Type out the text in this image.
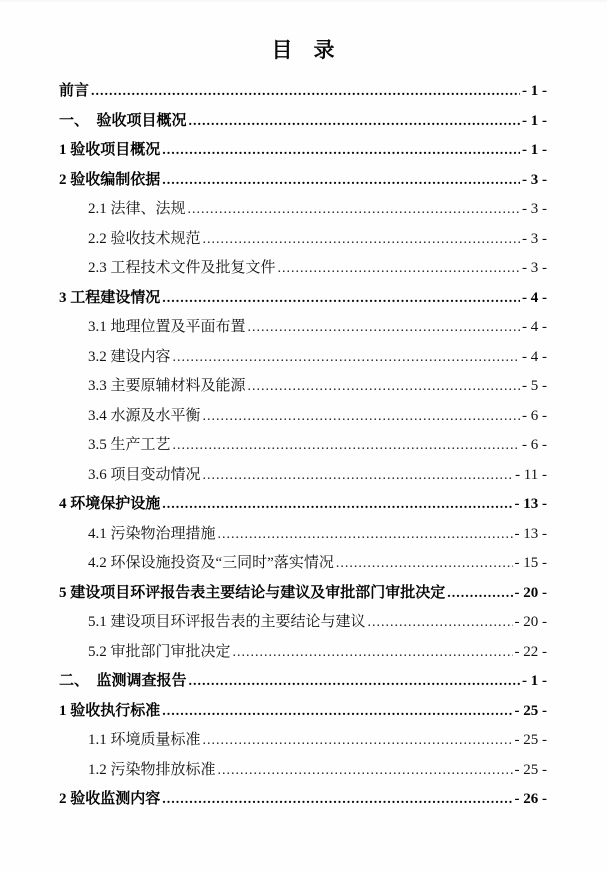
目　录
前言 .....	- 1 -
一、　验收项目概况 .....	- 1 -
1 验收项目概况 .....	- 1 -
2 验收编制依据 .....	- 3 -
2.1 法律、法规 .....	- 3 -
2.2 验收技术规范 .....	- 3 -
2.3 工程技术文件及批复文件 .....	- 3 -
3 工程建设情况 .....	- 4 -
3.1 地理位置及平面布置 .....	- 4 -
3.2 建设内容 .....	- 4 -
3.3 主要原辅材料及能源 .....	- 5 -
3.4 水源及水平衡 .....	- 6 -
3.5 生产工艺 .....	- 6 -
3.6 项目变动情况 .....	- 11 -
4 环境保护设施 .....	- 13 -
4.1 污染物治理措施 .....	- 13 -
4.2 环保设施投资及“三同时”落实情况 .....	- 15 -
5 建设项目环评报告表主要结论与建议及审批部门审批决定 .....	- 20 -
5.1 建设项目环评报告表的主要结论与建议 .....	- 20 -
5.2 审批部门审批决定 .....	- 22 -
二、　监测调查报告 .....	- 1 -
1 验收执行标准 .....	- 25 -
1.1 环境质量标准 .....	- 25 -
1.2 污染物排放标准 .....	- 25 -
2 验收监测内容 .....	- 26 -
